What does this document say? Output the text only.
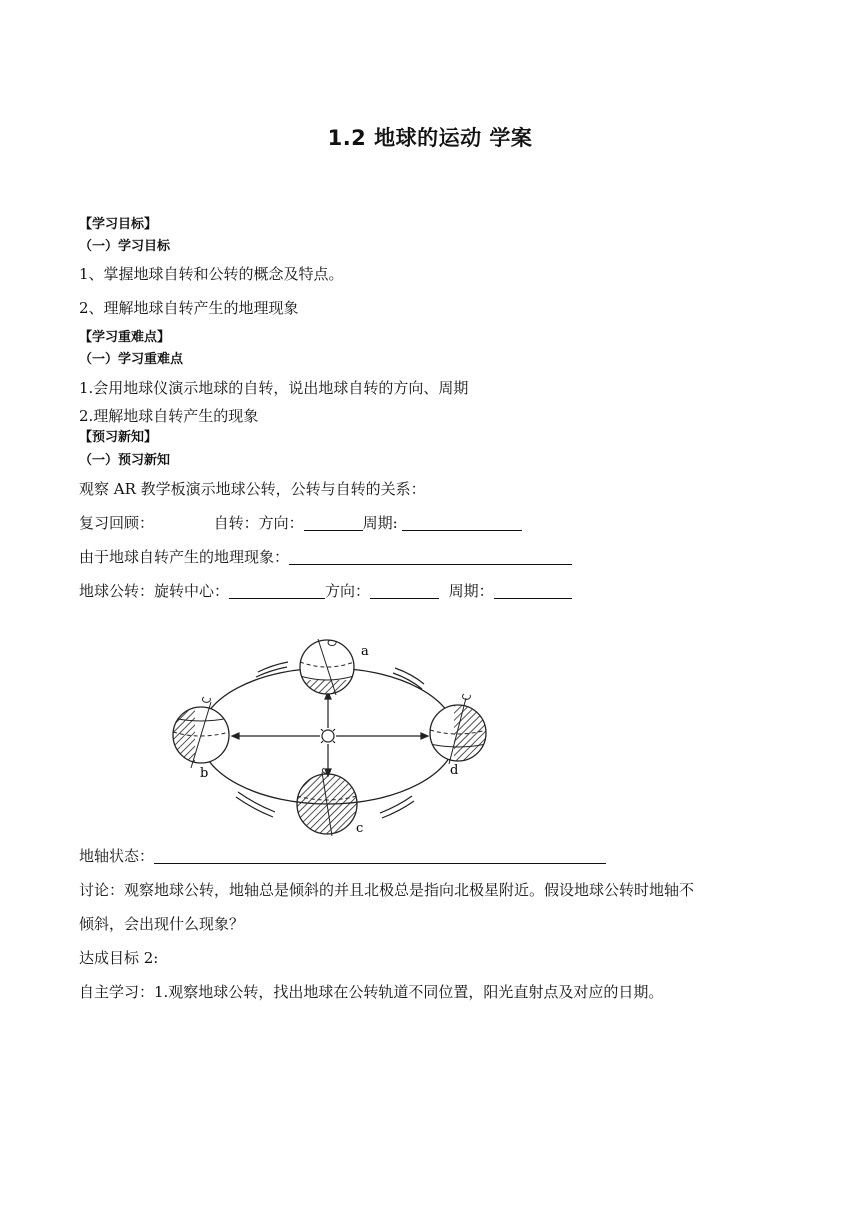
1.2 地球的运动 学案
【学习目标】
（一）学习目标
1、掌握地球自转和公转的概念及特点。
2、理解地球自转产生的地理现象
【学习重难点】
（一）学习重难点
1.会用地球仪演示地球的自转，说出地球自转的方向、周期
2.理解地球自转产生的现象
【预习新知】
（一）预习新知
观察 AR 教学板演示地球公转，公转与自转的关系：
复习回顾：	自转：方向：	周期:
由于地球自转产生的地理现象：
地球公转：旋转中心：	方向：	周期：
a
b
c
d
地轴状态：
讨论：观察地球公转，地轴总是倾斜的并且北极总是指向北极星附近。假设地球公转时地轴不
倾斜，会出现什么现象？
达成目标 2:
自主学习：1.观察地球公转，找出地球在公转轨道不同位置，阳光直射点及对应的日期。
